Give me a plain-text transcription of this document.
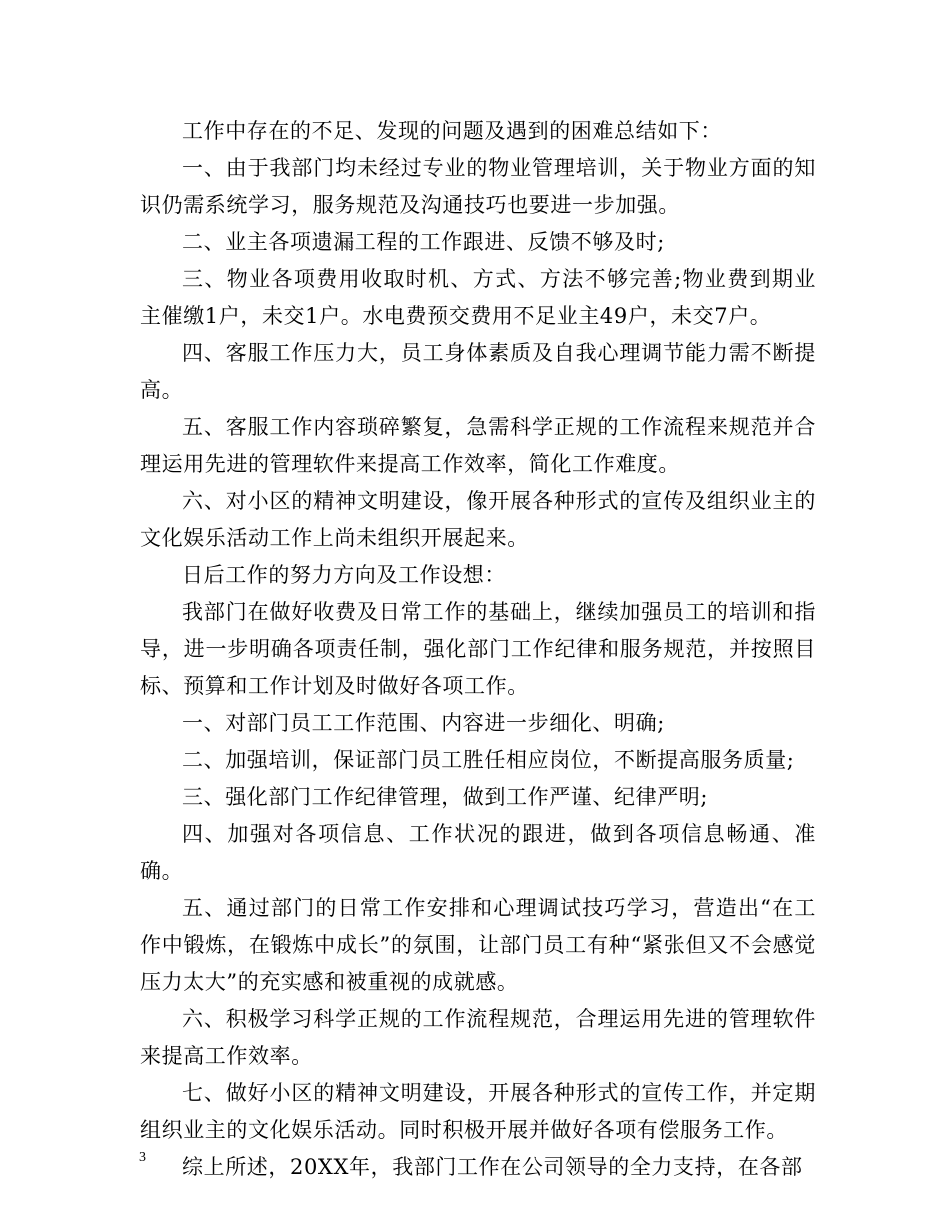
工作中存在的不足、发现的问题及遇到的困难总结如下：

一、由于我部门均未经过专业的物业管理培训，关于物业方面的知识仍需系统学习，服务规范及沟通技巧也要进一步加强。

二、业主各项遗漏工程的工作跟进、反馈不够及时;

三、物业各项费用收取时机、方式、方法不够完善;物业费到期业主催缴1户，未交1户。水电费预交费用不足业主49户，未交7户。

四、客服工作压力大，员工身体素质及自我心理调节能力需不断提高。

五、客服工作内容琐碎繁复，急需科学正规的工作流程来规范并合理运用先进的管理软件来提高工作效率，简化工作难度。

六、对小区的精神文明建设，像开展各种形式的宣传及组织业主的文化娱乐活动工作上尚未组织开展起来。

日后工作的努力方向及工作设想：

我部门在做好收费及日常工作的基础上，继续加强员工的培训和指导，进一步明确各项责任制，强化部门工作纪律和服务规范，并按照目标、预算和工作计划及时做好各项工作。

一、对部门员工工作范围、内容进一步细化、明确;

二、加强培训，保证部门员工胜任相应岗位，不断提高服务质量;

三、强化部门工作纪律管理，做到工作严谨、纪律严明;

四、加强对各项信息、工作状况的跟进，做到各项信息畅通、准确。

五、通过部门的日常工作安排和心理调试技巧学习，营造出“在工作中锻炼，在锻炼中成长”的氛围，让部门员工有种“紧张但又不会感觉压力太大”的充实感和被重视的成就感。

六、积极学习科学正规的工作流程规范，合理运用先进的管理软件来提高工作效率。

七、做好小区的精神文明建设，开展各种形式的宣传工作，并定期组织业主的文化娱乐活动。同时积极开展并做好各项有偿服务工作。

综上所述，20XX年，我部门工作在公司领导的全力支持，在各部

3
